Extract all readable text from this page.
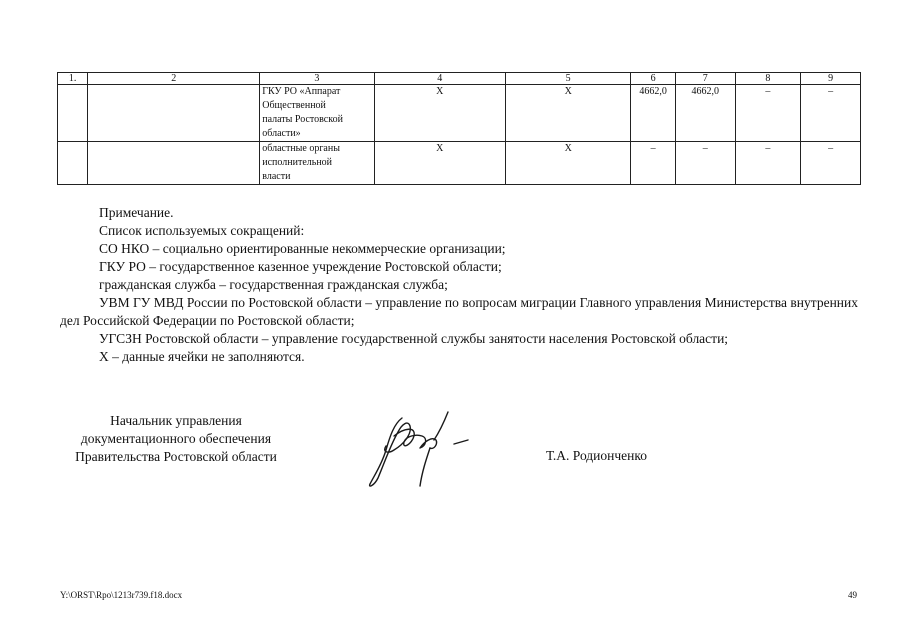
1.	2	3	4	5	6	7	8	9

		ГКУ РО «Аппарат
Общественной
палаты Ростовской
области»	Х	Х	4662,0	4662,0	–	–

		областные органы
исполнительной
власти	Х	Х	–	–	–	–

Примечание.

Список используемых сокращений:

СО НКО – социально ориентированные некоммерческие организации;

ГКУ РО – государственное казенное учреждение Ростовской области;

гражданская служба – государственная гражданская служба;

УВМ ГУ МВД России по Ростовской области – управление по вопросам миграции Главного управления Министерства внутренних дел Российской Федерации по Ростовской области;

УГСЗН Ростовской области – управление государственной службы занятости населения Ростовской области;

Х – данные ячейки не заполняются.

Начальник управления
документационного обеспечения
Правительства Ростовской области	Т.А. Родионченко
Y:\ORST\Rpo\1213r739.f18.docx	49
